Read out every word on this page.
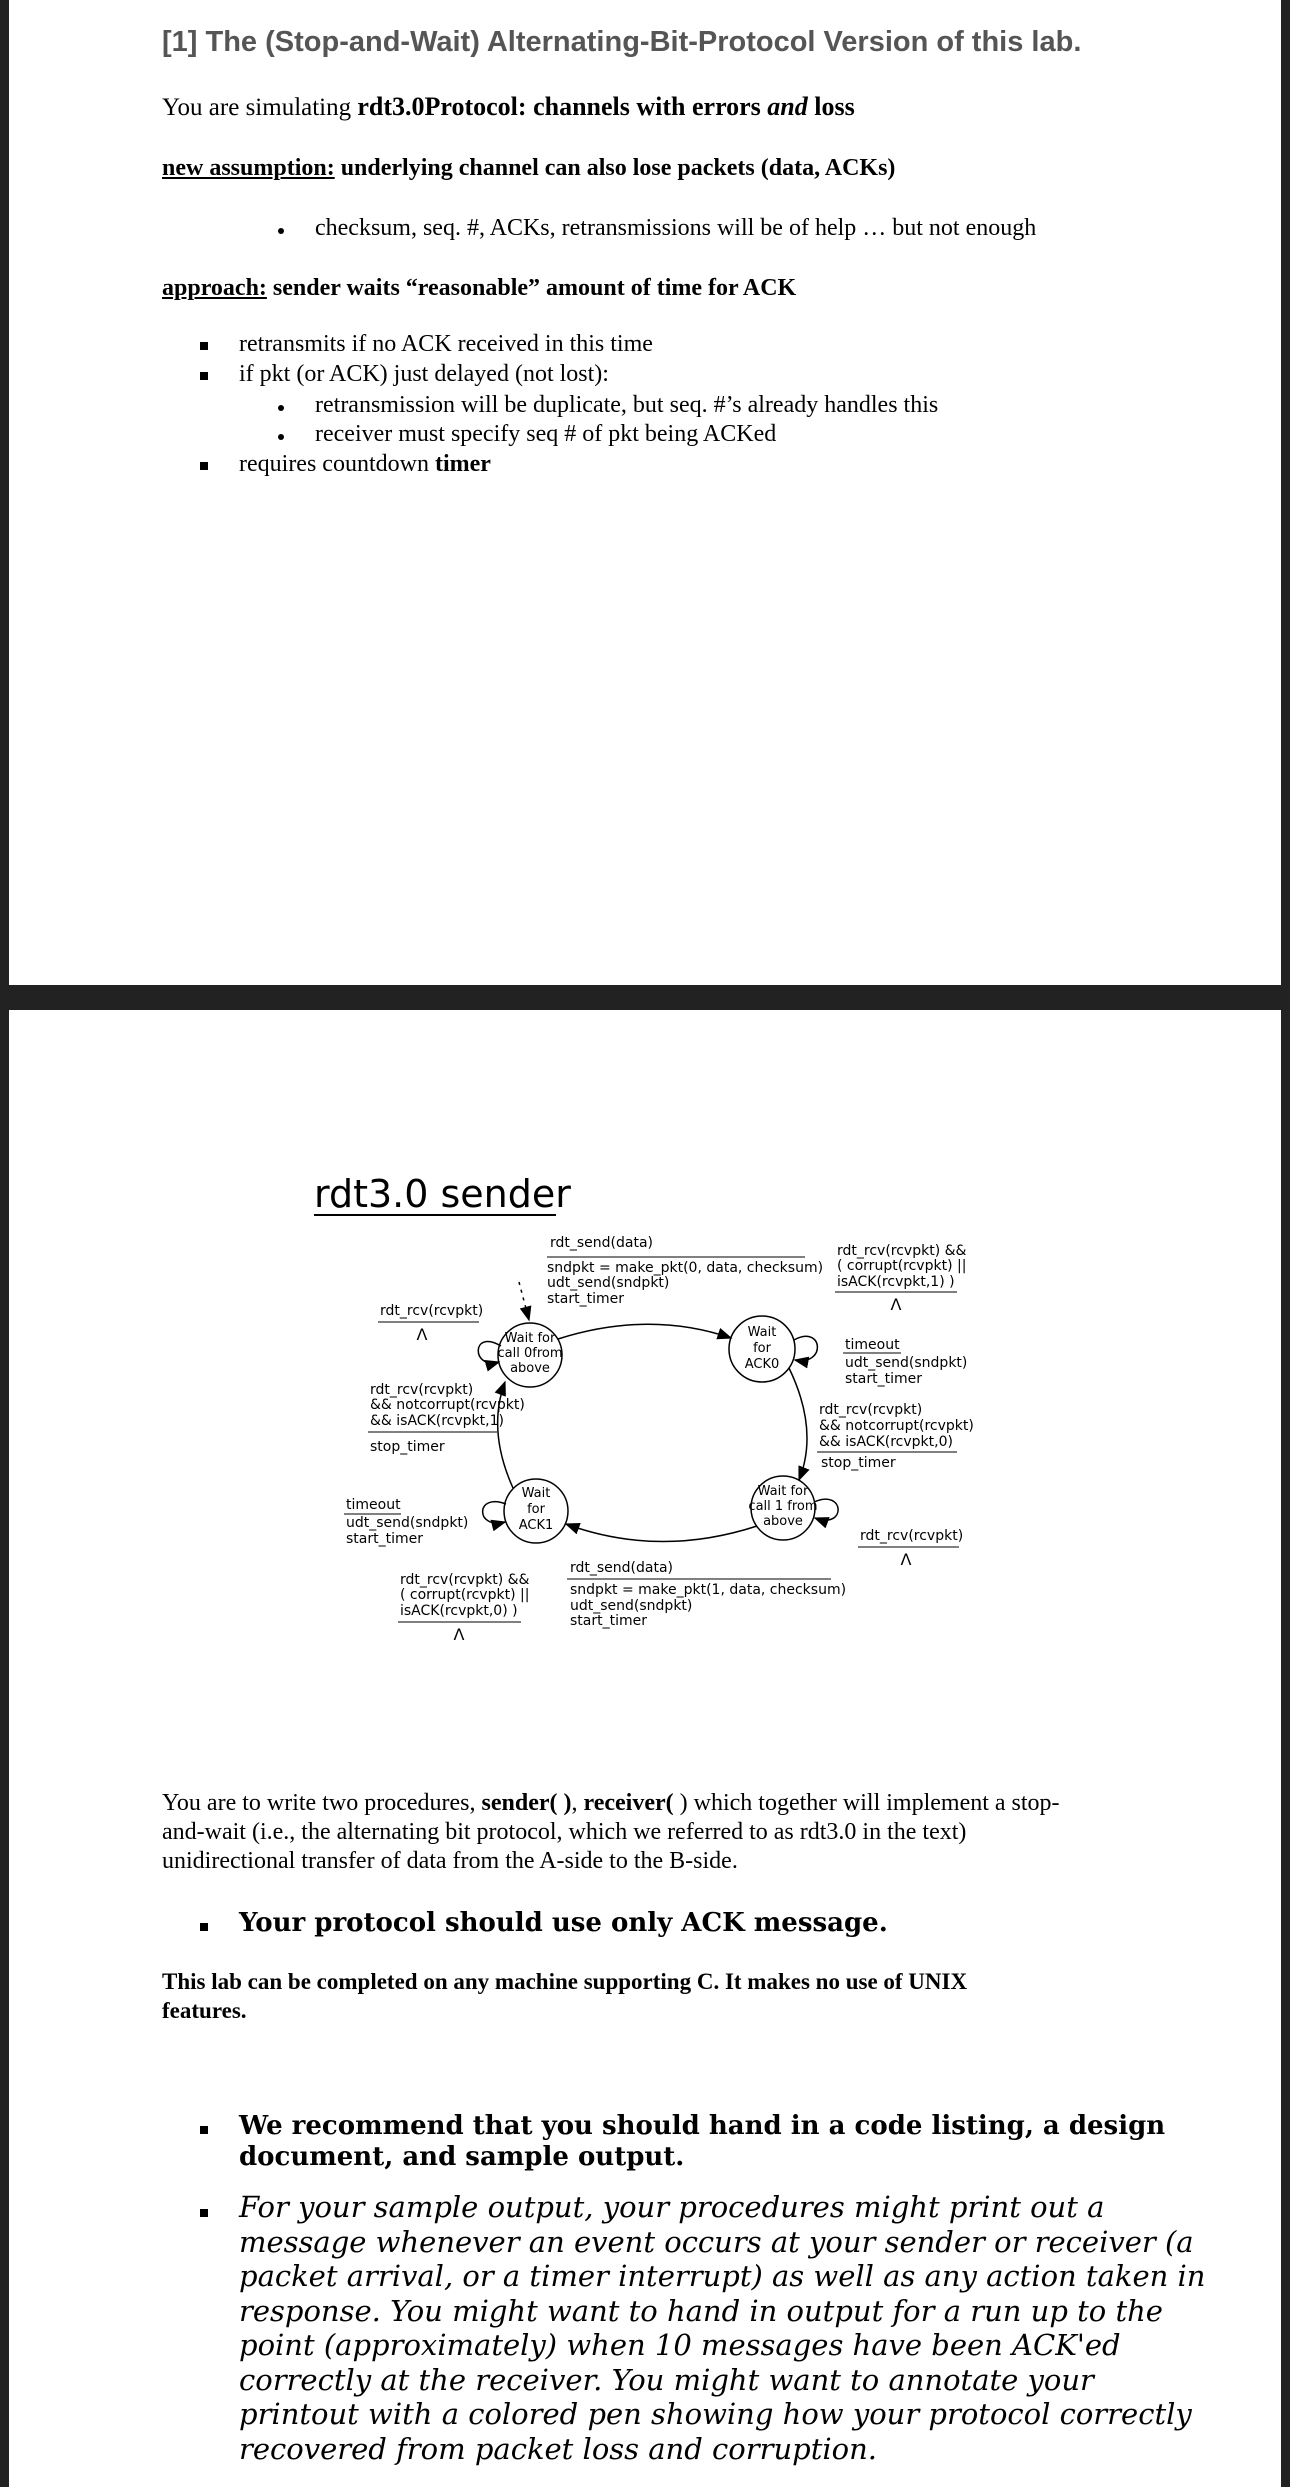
[1] The (Stop-and-Wait) Alternating-Bit-Protocol Version of this lab.
You are simulating rdt3.0Protocol: channels with errors and loss
new assumption: underlying channel can also lose packets (data, ACKs)
checksum, seq. #, ACKs, retransmissions will be of help … but not enough
approach: sender waits “reasonable” amount of time for ACK
retransmits if no ACK received in this time
if pkt (or ACK) just delayed (not lost):
retransmission will be duplicate, but seq. #’s already handles this
receiver must specify seq # of pkt being ACKed
requires countdown timer
rdt3.0 sender
Wait for
call 0from
above
Wait
for
ACK0
Wait for
call 1 from
above
Wait
for
ACK1
rdt_send(data)
sndpkt = make_pkt(0, data, checksum)
udt_send(sndpkt)
start_timer
rdt_rcv(rcvpkt)
Λ
rdt_rcv(rcvpkt) &&
( corrupt(rcvpkt) ||
isACK(rcvpkt,1) )
Λ
timeout
udt_send(sndpkt)
start_timer
rdt_rcv(rcvpkt)
&& notcorrupt(rcvpkt)
&& isACK(rcvpkt,0)
stop_timer
rdt_rcv(rcvpkt)
Λ
rdt_send(data)
sndpkt = make_pkt(1, data, checksum)
udt_send(sndpkt)
start_timer
rdt_rcv(rcvpkt) &&
( corrupt(rcvpkt) ||
isACK(rcvpkt,0) )
Λ
timeout
udt_send(sndpkt)
start_timer
rdt_rcv(rcvpkt)
&& notcorrupt(rcvpkt)
&& isACK(rcvpkt,1)
stop_timer
You are to write two procedures, sender( ), receiver( ) which together will implement a stop-
and-wait (i.e., the alternating bit protocol, which we referred to as rdt3.0 in the text)
unidirectional transfer of data from the A-side to the B-side.
Your protocol should use only ACK message.
This lab can be completed on any machine supporting C. It makes no use of UNIX
features.
We recommend that you should hand in a code listing, a design
document, and sample output.
For your sample output, your procedures might print out a
message whenever an event occurs at your sender or receiver (a
packet arrival, or a timer interrupt) as well as any action taken in
response. You might want to hand in output for a run up to the
point (approximately) when 10 messages have been ACK'ed
correctly at the receiver. You might want to annotate your
printout with a colored pen showing how your protocol correctly
recovered from packet loss and corruption.
